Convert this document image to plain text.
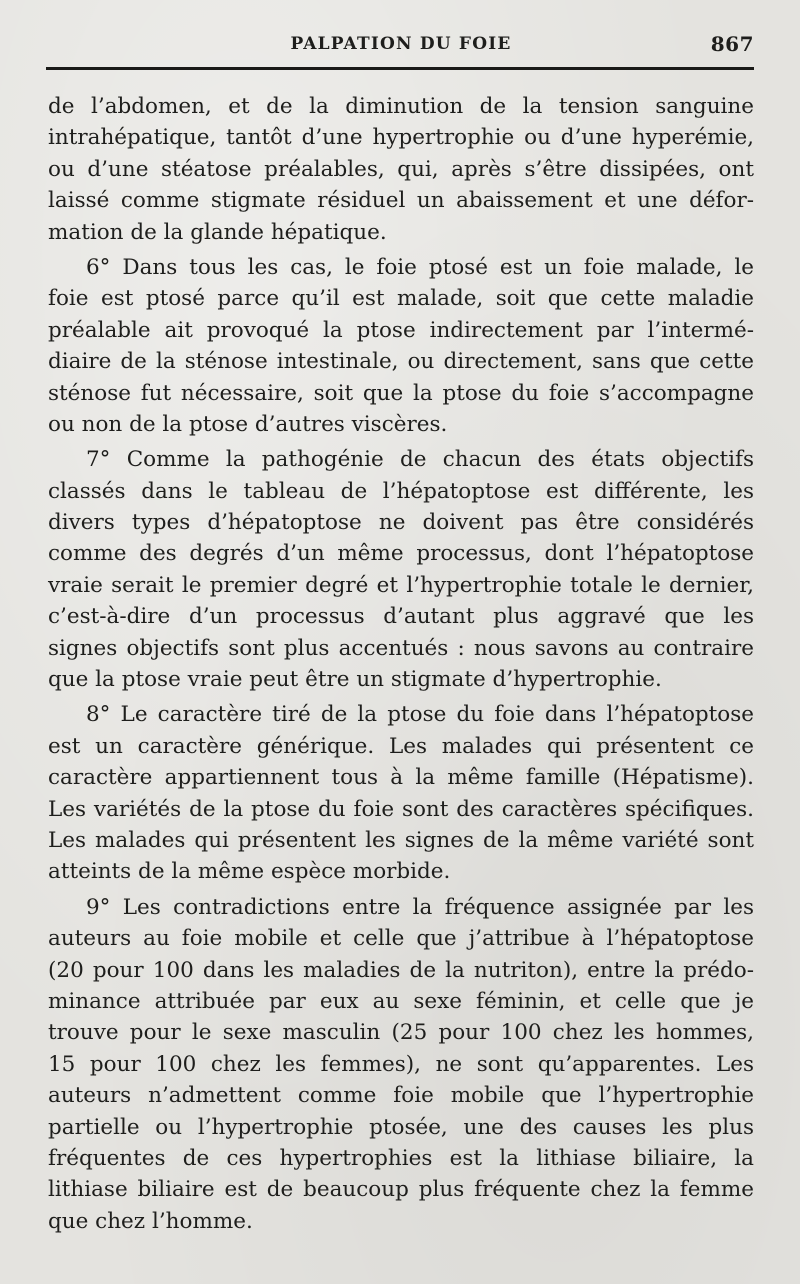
PALPATION DU FOIE	867
de l’abdomen, et de la diminution de la tension sanguine
intrahépatique, tantôt d’une hypertrophie ou d’une hyperémie,
ou d’une stéatose préalables, qui, après s’être dissipées, ont
laissé comme stigmate résiduel un abaissement et une défor-
mation de la glande hépatique.
6° Dans tous les cas, le foie ptosé est un foie malade, le
foie est ptosé parce qu’il est malade, soit que cette maladie
préalable ait provoqué la ptose indirectement par l’intermé-
diaire de la sténose intestinale, ou directement, sans que cette
sténose fut nécessaire, soit que la ptose du foie s’accompagne
ou non de la ptose d’autres viscères.
7° Comme la pathogénie de chacun des états objectifs
classés dans le tableau de l’hépatoptose est différente, les
divers types d’hépatoptose ne doivent pas être considérés
comme des degrés d’un même processus, dont l’hépatoptose
vraie serait le premier degré et l’hypertrophie totale le dernier,
c’est-à-dire d’un processus d’autant plus aggravé que les
signes objectifs sont plus accentués : nous savons au contraire
que la ptose vraie peut être un stigmate d’hypertrophie.
8° Le caractère tiré de la ptose du foie dans l’hépatoptose
est un caractère générique. Les malades qui présentent ce
caractère appartiennent tous à la même famille (Hépatisme).
Les variétés de la ptose du foie sont des caractères spécifiques.
Les malades qui présentent les signes de la même variété sont
atteints de la même espèce morbide.
9° Les contradictions entre la fréquence assignée par les
auteurs au foie mobile et celle que j’attribue à l’hépatoptose
(20 pour 100 dans les maladies de la nutriton), entre la prédo-
minance attribuée par eux au sexe féminin, et celle que je
trouve pour le sexe masculin (25 pour 100 chez les hommes,
15 pour 100 chez les femmes), ne sont qu’apparentes. Les
auteurs n’admettent comme foie mobile que l’hypertrophie
partielle ou l’hypertrophie ptosée, une des causes les plus
fréquentes de ces hypertrophies est la lithiase biliaire, la
lithiase biliaire est de beaucoup plus fréquente chez la femme
que chez l’homme.
